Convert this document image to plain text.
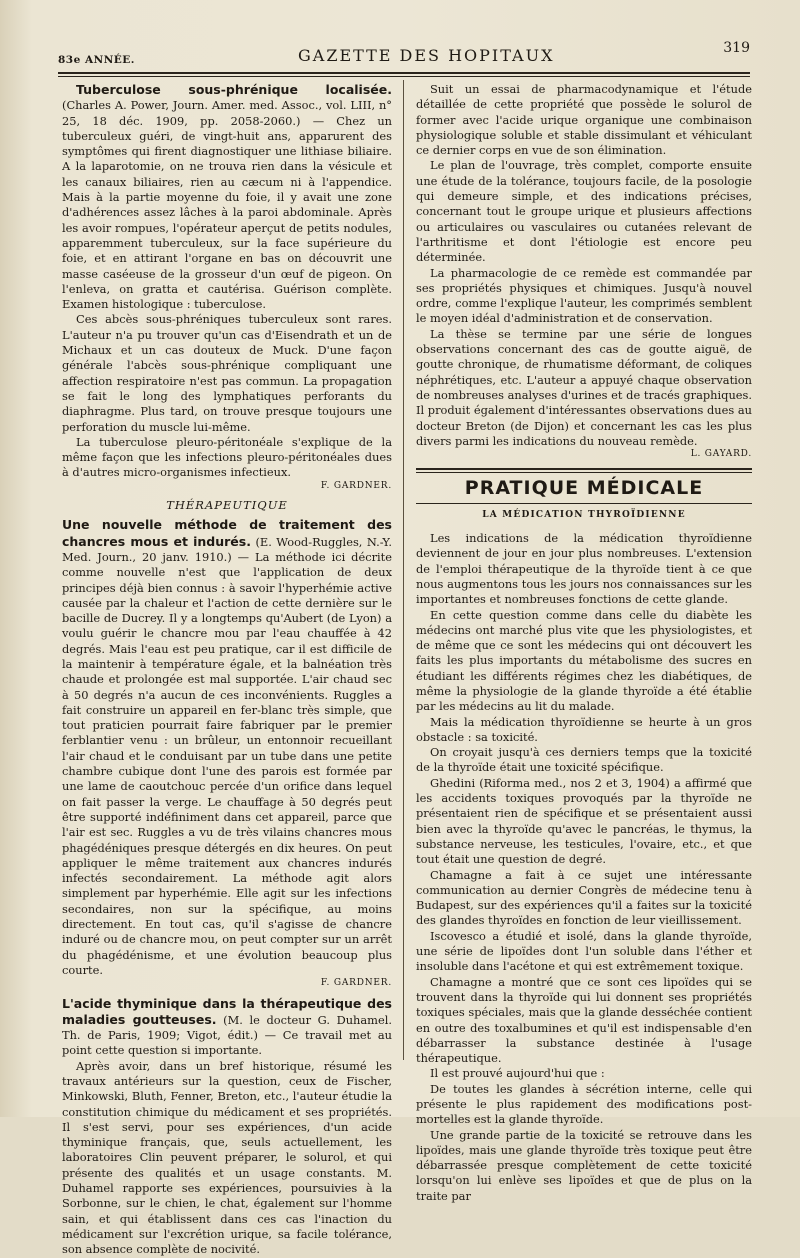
83e ANNÉE.	GAZETTE DES HOPITAUX	319

Tuberculose sous-phrénique localisée. (Charles A. Power, Journ. Amer. med. Assoc., vol. LIII, n° 25, 18 déc. 1909, pp. 2058-2060.) — Chez un tuberculeux guéri, de vingt-huit ans, apparurent des symptômes qui firent diagnostiquer une lithiase biliaire. A la laparotomie, on ne trouva rien dans la vésicule et les canaux biliaires, rien au cæcum ni à l'appendice. Mais à la partie moyenne du foie, il y avait une zone d'adhérences assez lâches à la paroi abdominale. Après les avoir rompues, l'opérateur aperçut de petits nodules, apparemment tuberculeux, sur la face supérieure du foie, et en attirant l'organe en bas on découvrit une masse caséeuse de la grosseur d'un œuf de pigeon. On l'enleva, on gratta et cautérisa. Guérison complète. Examen histologique : tuberculose.

Ces abcès sous-phréniques tuberculeux sont rares. L'auteur n'a pu trouver qu'un cas d'Eisendrath et un de Michaux et un cas douteux de Muck. D'une façon générale l'abcès sous-phrénique compliquant une affection respiratoire n'est pas commun. La propagation se fait le long des lymphatiques perforants du diaphragme. Plus tard, on trouve presque toujours une perforation du muscle lui-même.

La tuberculose pleuro-péritonéale s'explique de la même façon que les infections pleuro-péritonéales dues à d'autres micro-organismes infectieux.

F. GARDNER.
THÉRAPEUTIQUE

Une nouvelle méthode de traitement des chancres mous et indurés. (E. Wood-Ruggles, N.-Y. Med. Journ., 20 janv. 1910.) — La méthode ici décrite comme nouvelle n'est que l'application de deux principes déjà bien connus : à savoir l'hyperhémie active causée par la chaleur et l'action de cette dernière sur le bacille de Ducrey. Il y a longtemps qu'Aubert (de Lyon) a voulu guérir le chancre mou par l'eau chauffée à 42 degrés. Mais l'eau est peu pratique, car il est difficile de la maintenir à température égale, et la balnéation très chaude et prolongée est mal supportée. L'air chaud sec à 50 degrés n'a aucun de ces inconvénients. Ruggles a fait construire un appareil en fer-blanc très simple, que tout praticien pourrait faire fabriquer par le premier ferblantier venu : un brûleur, un entonnoir recueillant l'air chaud et le conduisant par un tube dans une petite chambre cubique dont l'une des parois est formée par une lame de caoutchouc percée d'un orifice dans lequel on fait passer la verge. Le chauffage à 50 degrés peut être supporté indéfiniment dans cet appareil, parce que l'air est sec. Ruggles a vu de très vilains chancres mous phagédéniques presque détergés en dix heures. On peut appliquer le même traitement aux chancres indurés infectés secondairement. La méthode agit alors simplement par hyperhémie. Elle agit sur les infections secondaires, non sur la spécifique, au moins directement. En tout cas, qu'il s'agisse de chancre induré ou de chancre mou, on peut compter sur un arrêt du phagédénisme, et une évolution beaucoup plus courte.

F. GARDNER.

L'acide thyminique dans la thérapeutique des maladies goutteuses. (M. le docteur G. Duhamel. Th. de Paris, 1909; Vigot, édit.) — Ce travail met au point cette question si importante.

Après avoir, dans un bref historique, résumé les travaux antérieurs sur la question, ceux de Fischer, Minkowski, Bluth, Fenner, Breton, etc., l'auteur étudie la constitution chimique du médicament et ses propriétés. Il s'est servi, pour ses expériences, d'un acide thyminique français, que, seuls actuellement, les laboratoires Clin peuvent préparer, le solurol, et qui présente des qualités et un usage constants. M. Duhamel rapporte ses expériences, poursuivies à la Sorbonne, sur le chien, le chat, également sur l'homme sain, et qui établissent dans ces cas l'inaction du médicament sur l'excrétion urique, sa facile tolérance, son absence complète de nocivité.

Suit un essai de pharmacodynamique et l'étude détaillée de cette propriété que possède le solurol de former avec l'acide urique organique une combinaison physiologique soluble et stable dissimulant et véhiculant ce dernier corps en vue de son élimination.

Le plan de l'ouvrage, très complet, comporte ensuite une étude de la tolérance, toujours facile, de la posologie qui demeure simple, et des indications précises, concernant tout le groupe urique et plusieurs affections ou articulaires ou vasculaires ou cutanées relevant de l'arthritisme et dont l'étiologie est encore peu déterminée.

La pharmacologie de ce remède est commandée par ses propriétés physiques et chimiques. Jusqu'à nouvel ordre, comme l'explique l'auteur, les comprimés semblent le moyen idéal d'administration et de conservation.

La thèse se termine par une série de longues observations concernant des cas de goutte aiguë, de goutte chronique, de rhumatisme déformant, de coliques néphrétiques, etc. L'auteur a appuyé chaque observation de nombreuses analyses d'urines et de tracés graphiques. Il produit également d'intéressantes observations dues au docteur Breton (de Dijon) et concernant les cas les plus divers parmi les indications du nouveau remède.

L. GAYARD.
PRATIQUE MÉDICALE
LA MÉDICATION THYROÏDIENNE

Les indications de la médication thyroïdienne deviennent de jour en jour plus nombreuses. L'extension de l'emploi thérapeutique de la thyroïde tient à ce que nous augmentons tous les jours nos connaissances sur les importantes et nombreuses fonctions de cette glande.

En cette question comme dans celle du diabète les médecins ont marché plus vite que les physiologistes, et de même que ce sont les médecins qui ont découvert les faits les plus importants du métabolisme des sucres en étudiant les différents régimes chez les diabétiques, de même la physiologie de la glande thyroïde a été établie par les médecins au lit du malade.

Mais la médication thyroïdienne se heurte à un gros obstacle : sa toxicité.

On croyait jusqu'à ces derniers temps que la toxicité de la thyroïde était une toxicité spécifique.

Ghedini (Riforma med., nos 2 et 3, 1904) a affirmé que les accidents toxiques provoqués par la thyroïde ne présentaient rien de spécifique et se présentaient aussi bien avec la thyroïde qu'avec le pancréas, le thymus, la substance nerveuse, les testicules, l'ovaire, etc., et que tout était une question de degré.

Chamagne a fait à ce sujet une intéressante communication au dernier Congrès de médecine tenu à Budapest, sur des expériences qu'il a faites sur la toxicité des glandes thyroïdes en fonction de leur vieillissement.

Iscovesco a étudié et isolé, dans la glande thyroïde, une série de lipoïdes dont l'un soluble dans l'éther et insoluble dans l'acétone et qui est extrêmement toxique.

Chamagne a montré que ce sont ces lipoïdes qui se trouvent dans la thyroïde qui lui donnent ses propriétés toxiques spéciales, mais que la glande desséchée contient en outre des toxalbumines et qu'il est indispensable d'en débarrasser la substance destinée à l'usage thérapeutique.

Il est prouvé aujourd'hui que :

De toutes les glandes à sécrétion interne, celle qui présente le plus rapidement des modifications post-mortelles est la glande thyroïde.

Une grande partie de la toxicité se retrouve dans les lipoïdes, mais une glande thyroïde très toxique peut être débarrassée presque complètement de cette toxicité lorsqu'on lui enlève ses lipoïdes et que de plus on la traite par
